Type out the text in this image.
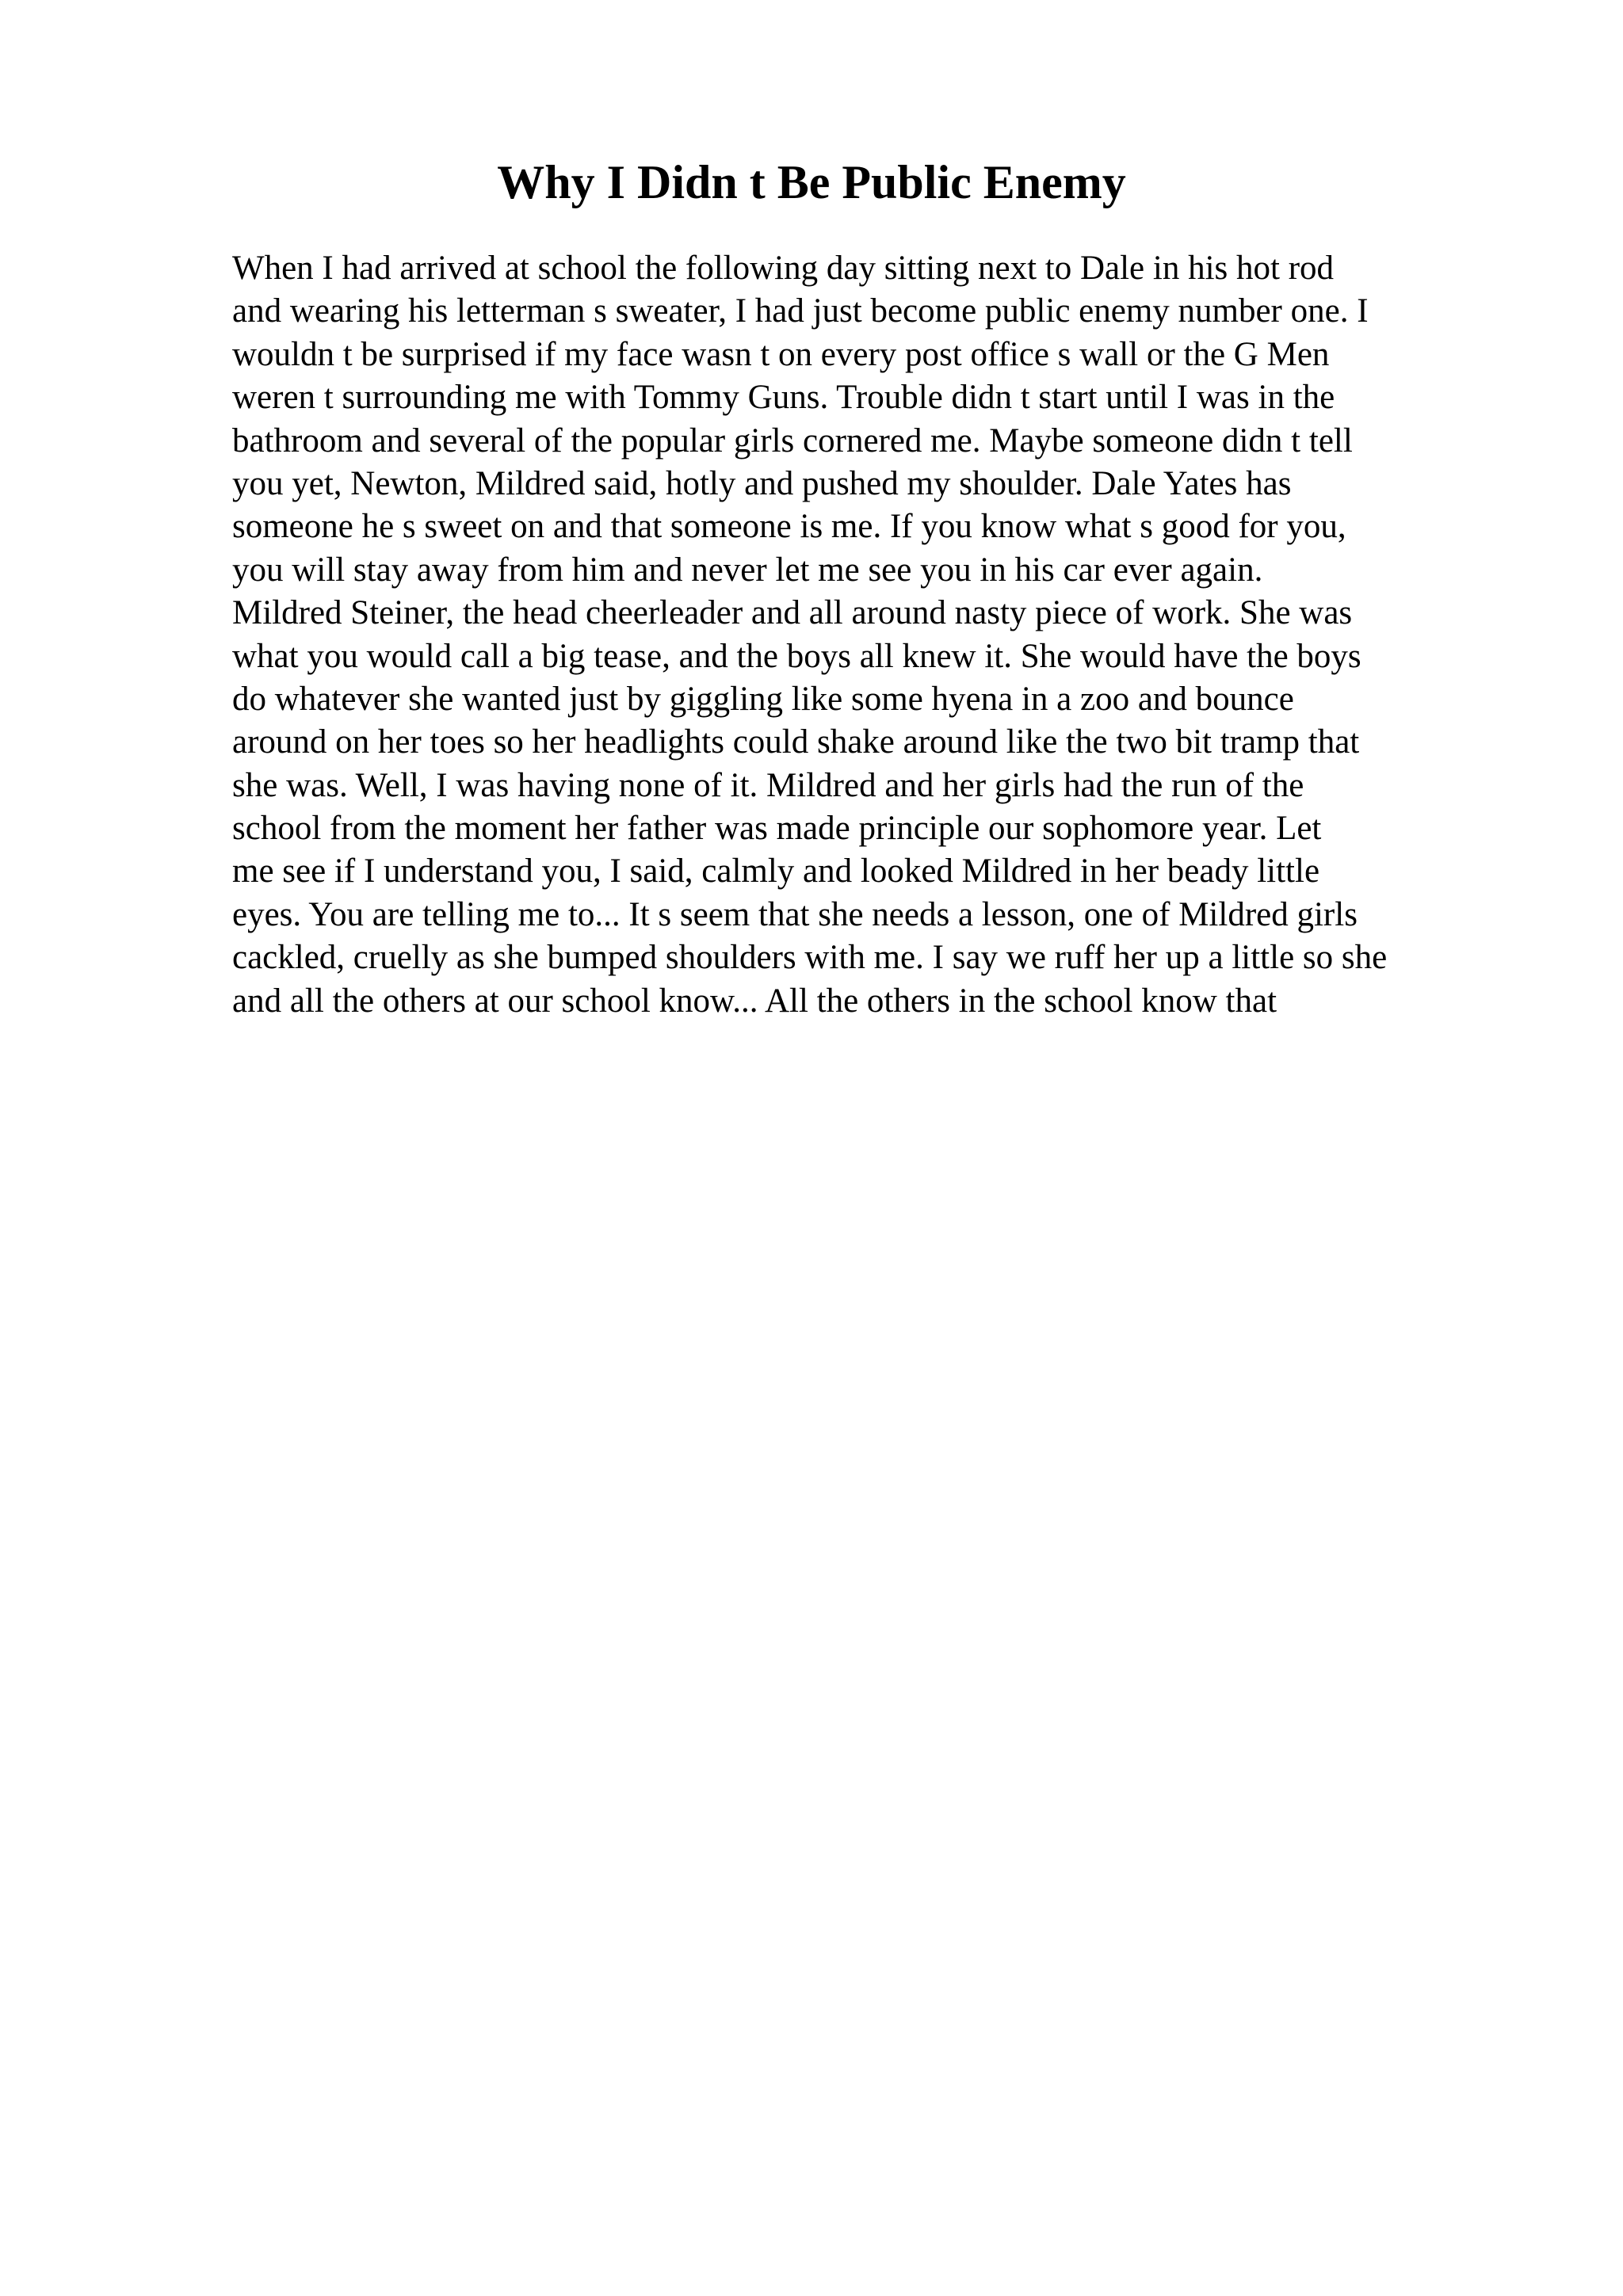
Why I Didn t Be Public Enemy
When I had arrived at school the following day sitting next to Dale in his hot rod
and wearing his letterman s sweater, I had just become public enemy number one. I
wouldn t be surprised if my face wasn t on every post office s wall or the G Men
weren t surrounding me with Tommy Guns. Trouble didn t start until I was in the
bathroom and several of the popular girls cornered me. Maybe someone didn t tell
you yet, Newton, Mildred said, hotly and pushed my shoulder. Dale Yates has
someone he s sweet on and that someone is me. If you know what s good for you,
you will stay away from him and never let me see you in his car ever again.
Mildred Steiner, the head cheerleader and all around nasty piece of work. She was
what you would call a big tease, and the boys all knew it. She would have the boys
do whatever she wanted just by giggling like some hyena in a zoo and bounce
around on her toes so her headlights could shake around like the two bit tramp that
she was. Well, I was having none of it. Mildred and her girls had the run of the
school from the moment her father was made principle our sophomore year. Let
me see if I understand you, I said, calmly and looked Mildred in her beady little
eyes. You are telling me to... It s seem that she needs a lesson, one of Mildred girls
cackled, cruelly as she bumped shoulders with me. I say we ruff her up a little so she
and all the others at our school know... All the others in the school know that
